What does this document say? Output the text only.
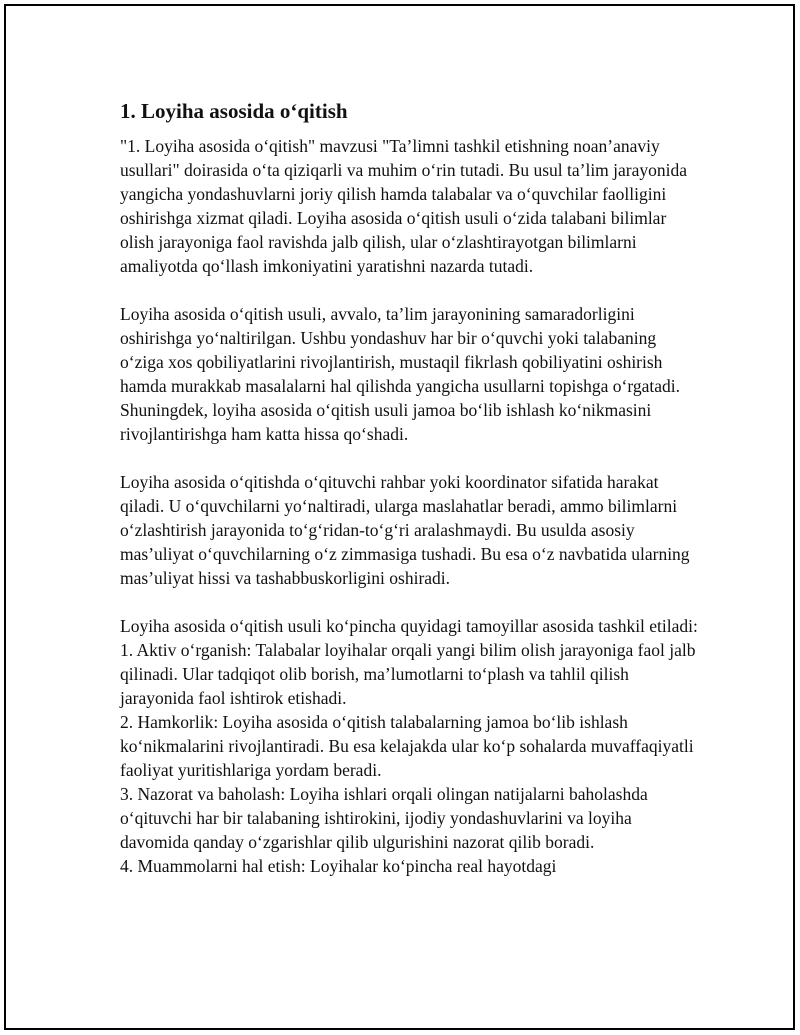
1. Loyiha asosida o‘qitish
"1. Loyiha asosida o‘qitish" mavzusi "Ta’limni tashkil etishning noan’anaviy usullari" doirasida o‘ta qiziqarli va muhim o‘rin tutadi. Bu usul ta’lim jarayonida yangicha yondashuvlarni joriy qilish hamda talabalar va o‘quvchilar faolligini oshirishga xizmat qiladi. Loyiha asosida o‘qitish usuli o‘zida talabani bilimlar olish jarayoniga faol ravishda jalb qilish, ular o‘zlashtirayotgan bilimlarni amaliyotda qo‘llash imkoniyatini yaratishni nazarda tutadi.
Loyiha asosida o‘qitish usuli, avvalo, ta’lim jarayonining samaradorligini oshirishga yo‘naltirilgan. Ushbu yondashuv har bir o‘quvchi yoki talabaning o‘ziga xos qobiliyatlarini rivojlantirish, mustaqil fikrlash qobiliyatini oshirish hamda murakkab masalalarni hal qilishda yangicha usullarni topishga o‘rgatadi. Shuningdek, loyiha asosida o‘qitish usuli jamoa bo‘lib ishlash ko‘nikmasini rivojlantirishga ham katta hissa qo‘shadi.
Loyiha asosida o‘qitishda o‘qituvchi rahbar yoki koordinator sifatida harakat qiladi. U o‘quvchilarni yo‘naltiradi, ularga maslahatlar beradi, ammo bilimlarni o‘zlashtirish jarayonida to‘g‘ridan-to‘g‘ri aralashmaydi. Bu usulda asosiy mas’uliyat o‘quvchilarning o‘z zimmasiga tushadi. Bu esa o‘z navbatida ularning mas’uliyat hissi va tashabbuskorligini oshiradi.
Loyiha asosida o‘qitish usuli ko‘pincha quyidagi tamoyillar asosida tashkil etiladi:
1. Aktiv o‘rganish: Talabalar loyihalar orqali yangi bilim olish jarayoniga faol jalb qilinadi. Ular tadqiqot olib borish, ma’lumotlarni to‘plash va tahlil qilish jarayonida faol ishtirok etishadi.
2. Hamkorlik: Loyiha asosida o‘qitish talabalarning jamoa bo‘lib ishlash ko‘nikmalarini rivojlantiradi. Bu esa kelajakda ular ko‘p sohalarda muvaffaqiyatli faoliyat yuritishlariga yordam beradi.
3. Nazorat va baholash: Loyiha ishlari orqali olingan natijalarni baholashda o‘qituvchi har bir talabaning ishtirokini, ijodiy yondashuvlarini va loyiha davomida qanday o‘zgarishlar qilib ulgurishini nazorat qilib boradi.
4. Muammolarni hal etish: Loyihalar ko‘pincha real hayotdagi
